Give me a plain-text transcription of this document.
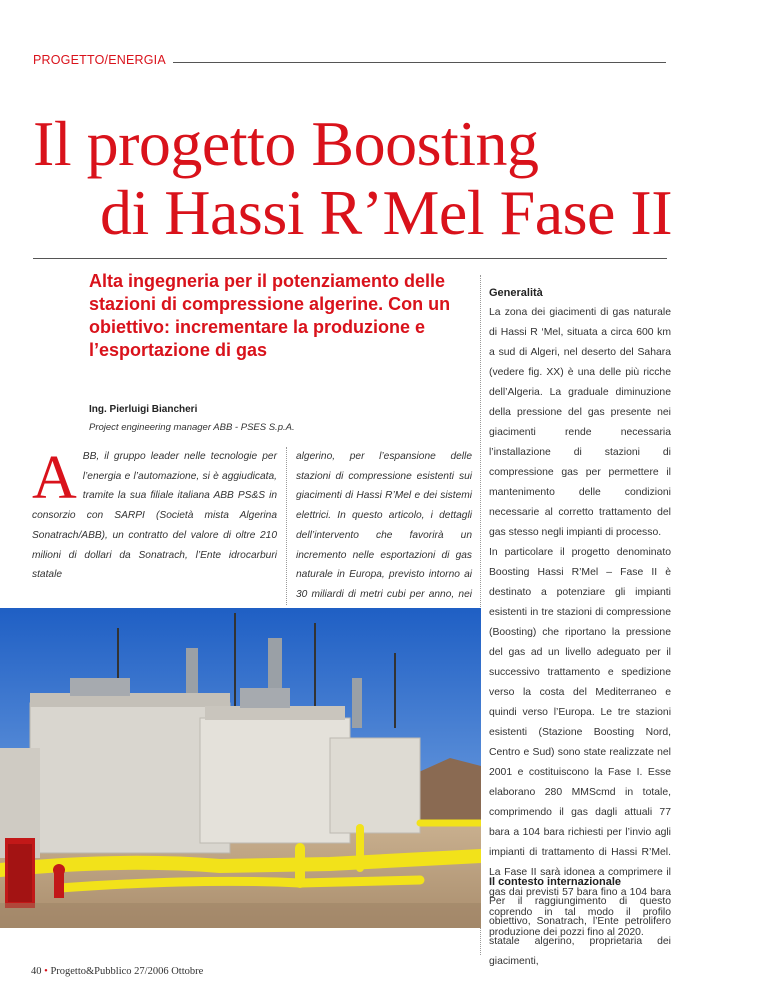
PROGETTO/ENERGIA
Il progetto Boosting
di Hassi R’Mel Fase II
Alta ingegneria per il potenziamento delle stazioni di compressione algerine. Con un obiettivo: incrementare la produzione e l’esportazione di gas
Ing. Pierluigi Biancheri
Project engineering manager ABB - PSES S.p.A.
ABB, il gruppo leader nelle tecnologie per l’energia e l’automazione, si è aggiudicata, tramite la sua filiale italiana ABB PS&S in consorzio con SARPI (Società mista Algerina Sonatrach/ABB), un contratto del valore di oltre 210 milioni di dollari da Sonatrach, l’Ente idrocarburi statale
algerino, per l’espansione delle stazioni di compressione esistenti sui giacimenti di Hassi R’Mel e dei sistemi elettrici. In questo articolo, i dettagli dell’intervento che favorirà un incremento nelle esportazioni di gas naturale in Europa, previsto intorno ai 30 miliardi di metri cubi per anno, nei

Generalità

La zona dei giacimenti di gas naturale di Hassi R ‘Mel, situata a circa 600 km a sud di Algeri, nel deserto del Sahara (vedere fig. XX) è una delle più ricche dell’Algeria. La graduale diminuzione della pressione del gas presente nei giacimenti rende necessaria l’installazione di stazioni di compressione gas per permettere il mantenimento delle condizioni necessarie al corretto trattamento del gas stesso negli impianti di processo.

In particolare il progetto denominato Boosting Hassi R’Mel – Fase II è destinato a potenziare gli impianti esistenti in tre stazioni di compressione (Boosting) che riportano la pressione del gas ad un livello adeguato per il successivo trattamento e spedizione verso la costa del Mediterraneo e quindi verso l’Europa. Le tre stazioni esistenti (Stazione Boosting Nord, Centro e Sud) sono state realizzate nel 2001 e costituiscono la Fase I. Esse elaborano 280 MMScmd in totale, comprimendo il gas dagli attuali 77 bara a 104 bara richiesti per l’invio agli impianti di trattamento di Hassi R’Mel. La Fase II sarà idonea a comprimere il gas dai previsti 57 bara fino a 104 bara coprendo in tal modo il profilo produzione dei pozzi fino al 2020.

Il contesto internazionale

Per il raggiungimento di questo obiettivo, Sonatrach, l’Ente petrolifero statale algerino, proprietaria dei giacimenti,

40 • Progetto&Pubblico 27/2006 Ottobre
